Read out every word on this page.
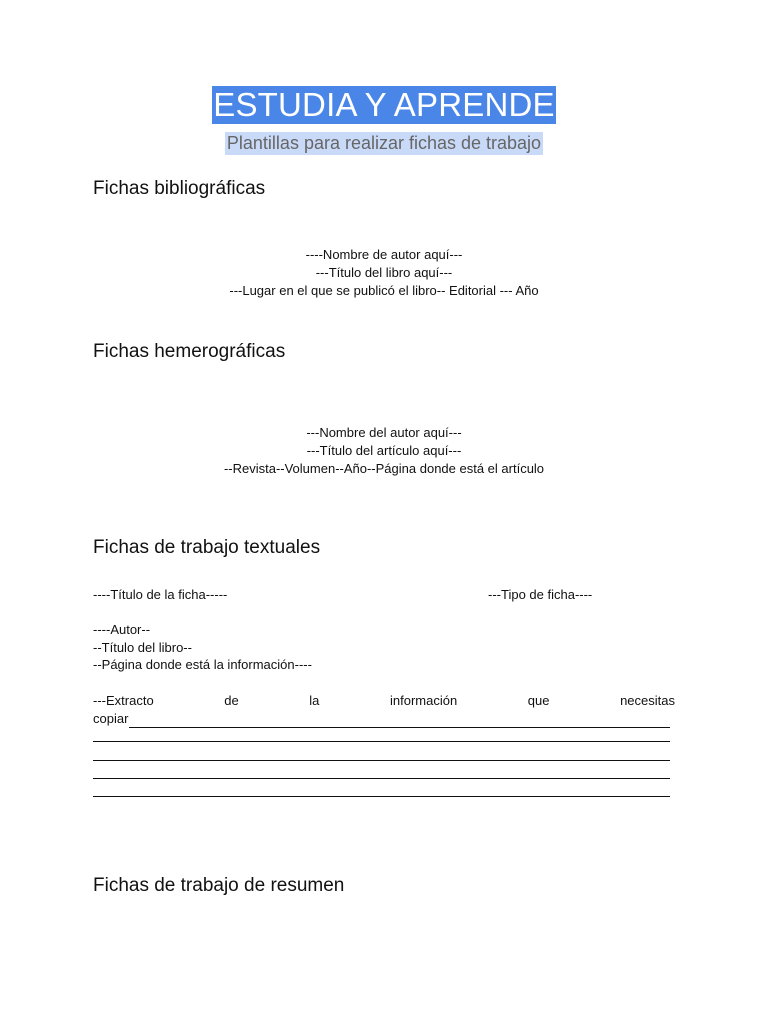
ESTUDIA Y APRENDE
Plantillas para realizar fichas de trabajo
Fichas bibliográficas
----Nombre de autor aquí---
---Título del libro aquí---
---Lugar en el que se publicó el libro-- Editorial --- Año
Fichas hemerográficas
---Nombre del autor aquí---
---Título del artículo aquí---
--Revista--Volumen--Año--Página donde está el artículo
Fichas de trabajo textuales
----Título de la ficha-----	---Tipo de ficha----
----Autor--
--Título del libro--
--Página donde está la información----
---Extracto	de	la	información	que	necesitas
copiar
Fichas de trabajo de resumen
